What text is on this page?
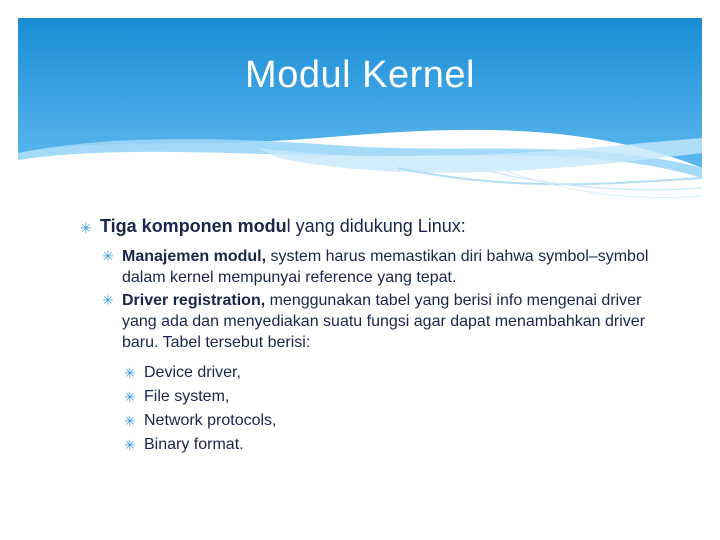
Modul Kernel
✳ Tiga komponen modul yang didukung Linux:
✳ Manajemen modul, system harus memastikan diri bahwa symbol–symbol dalam kernel mempunyai reference yang tepat.
✳ Driver registration, menggunakan tabel yang berisi info mengenai driver yang ada dan menyediakan suatu fungsi agar dapat menambahkan driver baru. Tabel tersebut berisi:
✳ Device driver,
✳ File system,
✳ Network protocols,
✳ Binary format.
